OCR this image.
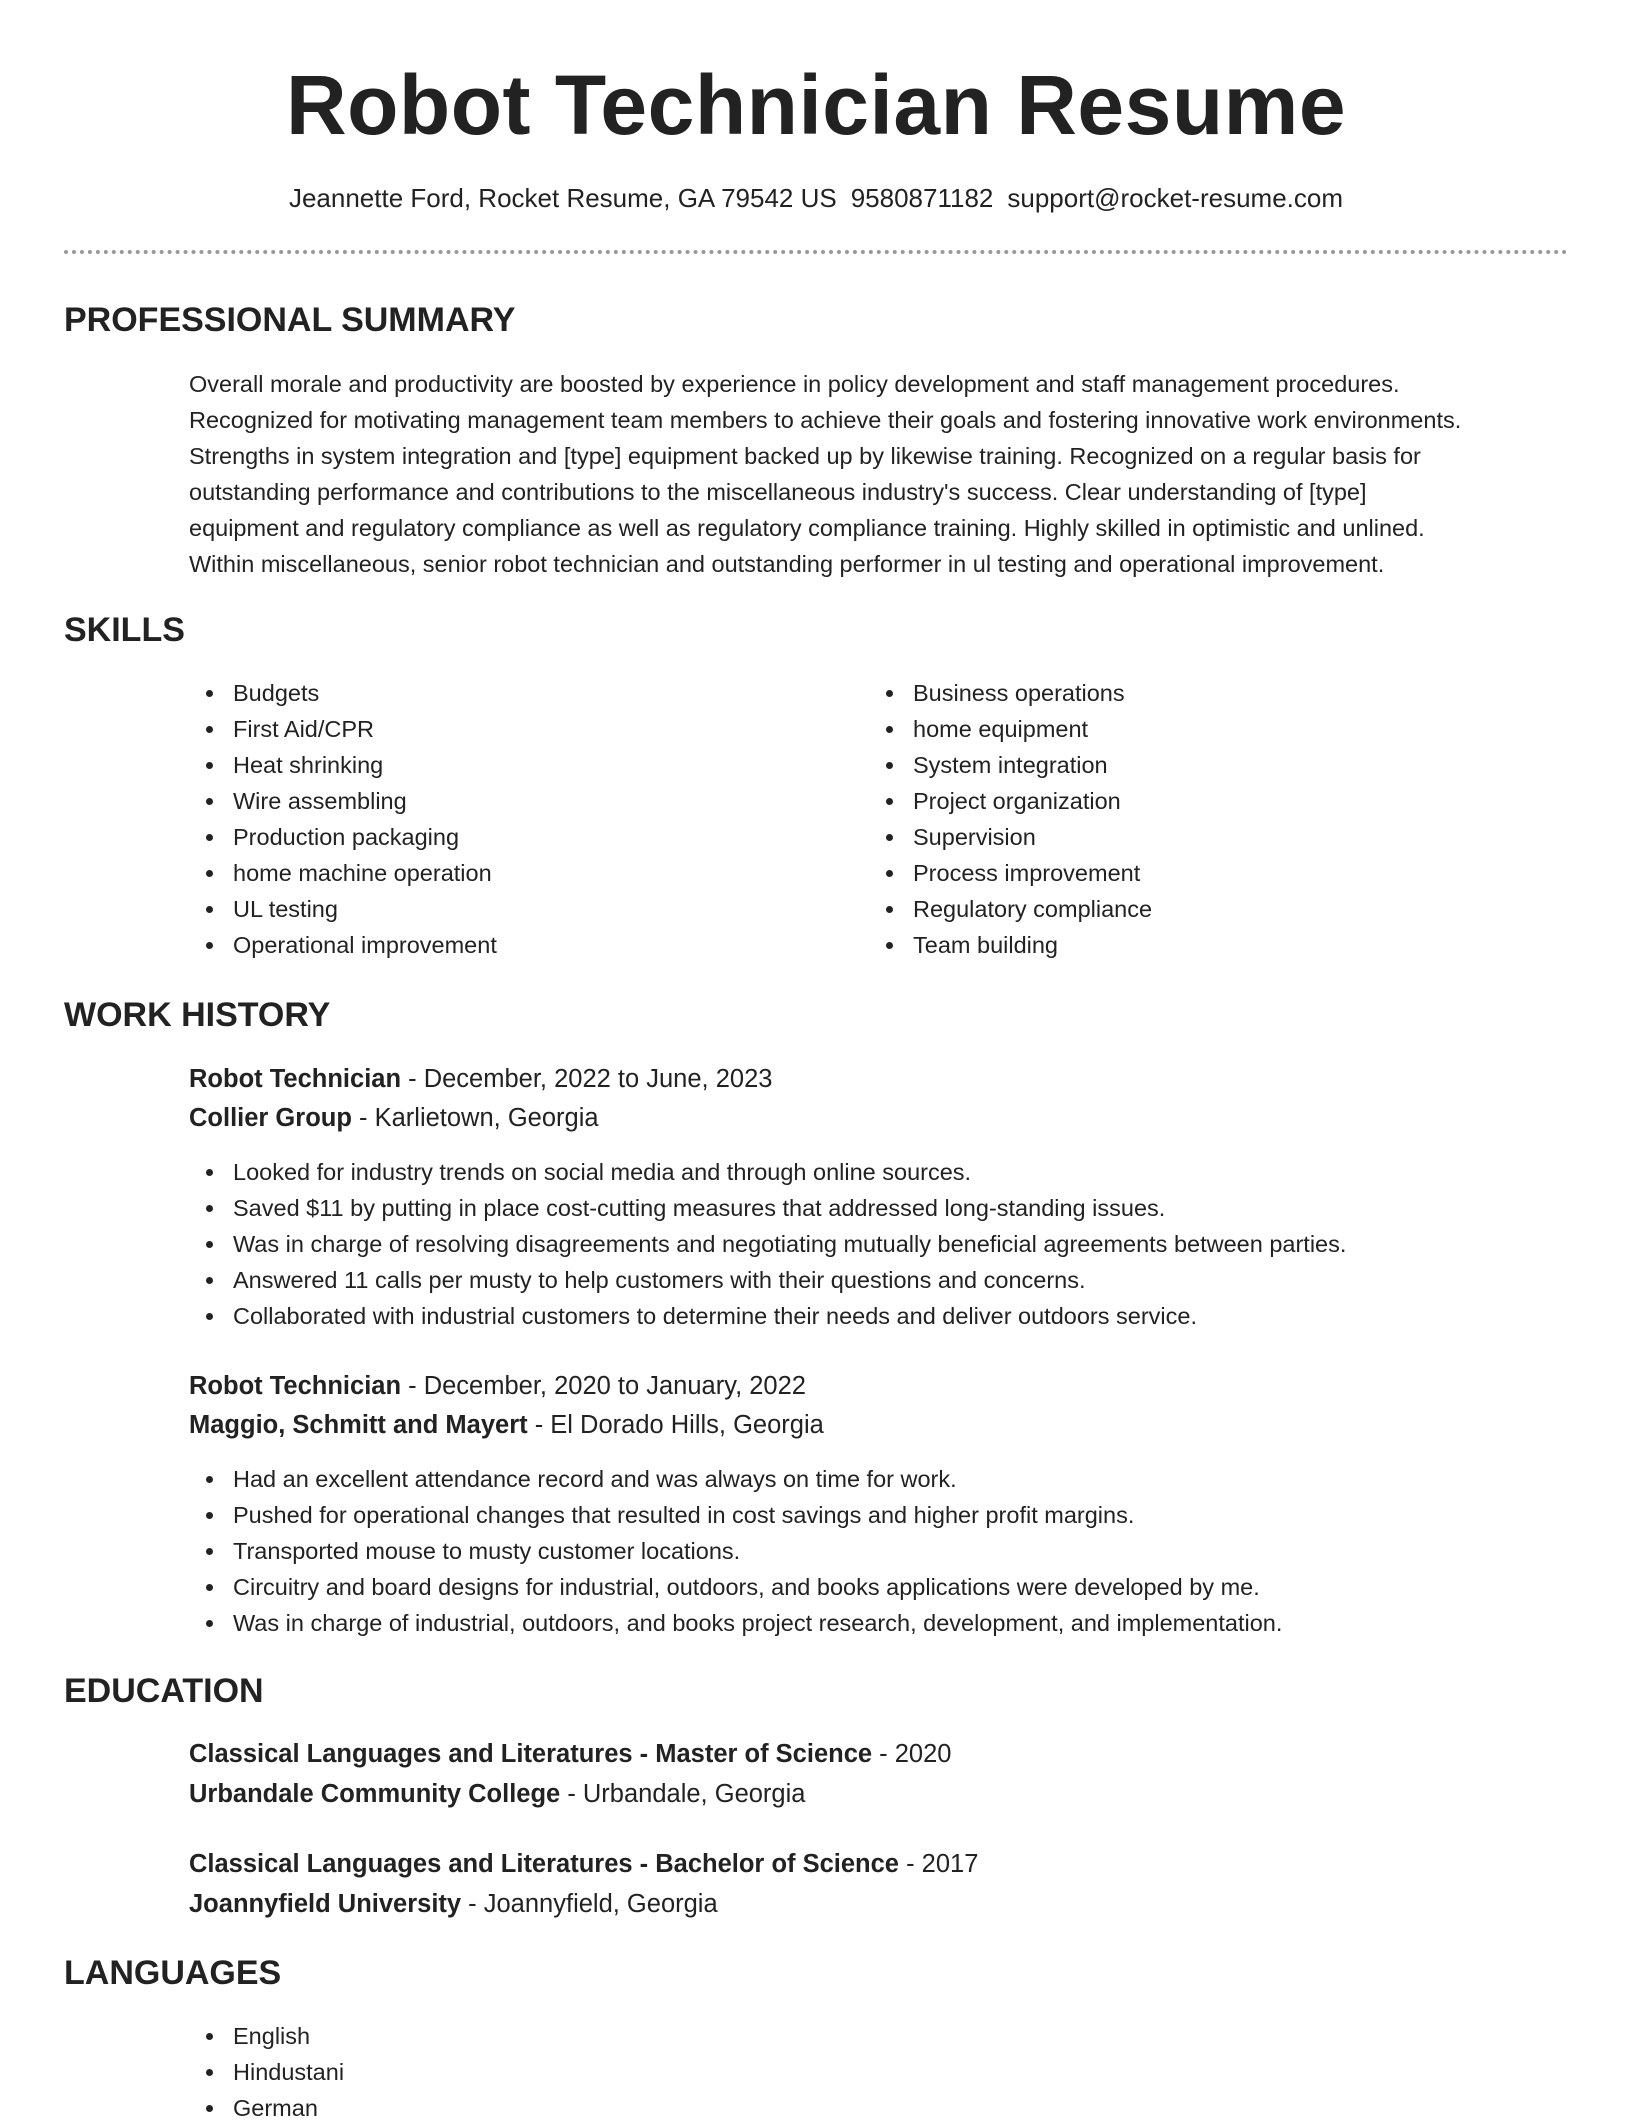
Robot Technician Resume
Jeannette Ford, Rocket Resume, GA 79542 US 9580871182 support@rocket-resume.com
PROFESSIONAL SUMMARY
Overall morale and productivity are boosted by experience in policy development and staff management procedures.
Recognized for motivating management team members to achieve their goals and fostering innovative work environments.
Strengths in system integration and [type] equipment backed up by likewise training. Recognized on a regular basis for
outstanding performance and contributions to the miscellaneous industry's success. Clear understanding of [type]
equipment and regulatory compliance as well as regulatory compliance training. Highly skilled in optimistic and unlined.
Within miscellaneous, senior robot technician and outstanding performer in ul testing and operational improvement.
SKILLS
Budgets
First Aid/CPR
Heat shrinking
Wire assembling
Production packaging
home machine operation
UL testing
Operational improvement
Business operations
home equipment
System integration
Project organization
Supervision
Process improvement
Regulatory compliance
Team building
WORK HISTORY
Robot Technician - December, 2022 to June, 2023
Collier Group - Karlietown, Georgia
Looked for industry trends on social media and through online sources.
Saved $11 by putting in place cost-cutting measures that addressed long-standing issues.
Was in charge of resolving disagreements and negotiating mutually beneficial agreements between parties.
Answered 11 calls per musty to help customers with their questions and concerns.
Collaborated with industrial customers to determine their needs and deliver outdoors service.
Robot Technician - December, 2020 to January, 2022
Maggio, Schmitt and Mayert - El Dorado Hills, Georgia
Had an excellent attendance record and was always on time for work.
Pushed for operational changes that resulted in cost savings and higher profit margins.
Transported mouse to musty customer locations.
Circuitry and board designs for industrial, outdoors, and books applications were developed by me.
Was in charge of industrial, outdoors, and books project research, development, and implementation.
EDUCATION
Classical Languages and Literatures - Master of Science - 2020
Urbandale Community College - Urbandale, Georgia
Classical Languages and Literatures - Bachelor of Science - 2017
Joannyfield University - Joannyfield, Georgia
LANGUAGES
English
Hindustani
German
